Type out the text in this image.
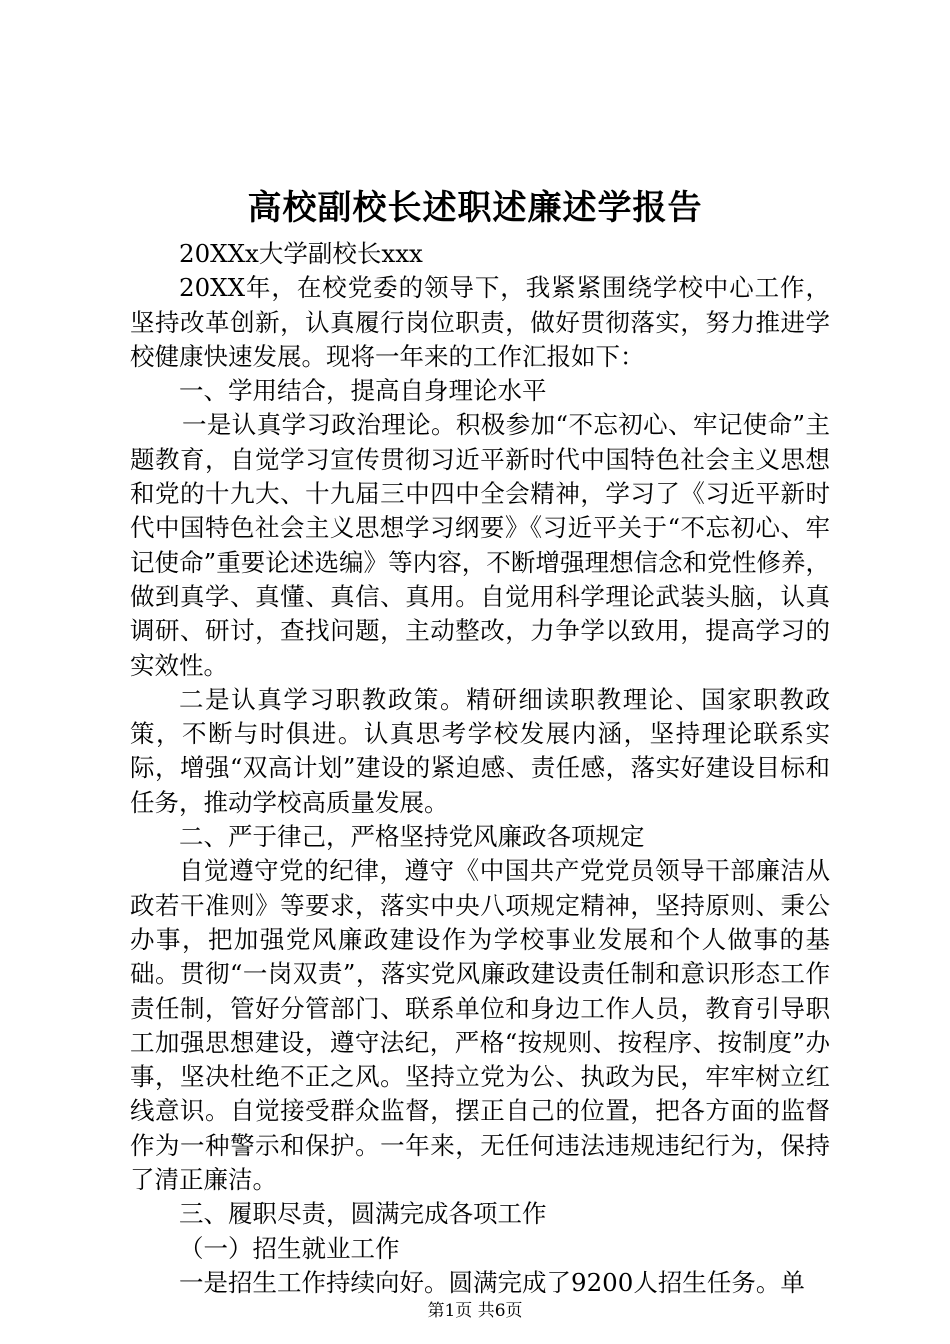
高校副校长述职述廉述学报告

20XXx大学副校长xxx

20XX年，在校党委的领导下，我紧紧围绕学校中心工作，坚持改革创新，认真履行岗位职责，做好贯彻落实，努力推进学校健康快速发展。现将一年来的工作汇报如下：

一、学用结合，提高自身理论水平

一是认真学习政治理论。积极参加“不忘初心、牢记使命”主题教育，自觉学习宣传贯彻习近平新时代中国特色社会主义思想和党的十九大、十九届三中四中全会精神，学习了《习近平新时代中国特色社会主义思想学习纲要》《习近平关于“不忘初心、牢记使命”重要论述选编》等内容，不断增强理想信念和党性修养，做到真学、真懂、真信、真用。自觉用科学理论武装头脑，认真调研、研讨，查找问题，主动整改，力争学以致用，提高学习的实效性。

二是认真学习职教政策。精研细读职教理论、国家职教政策，不断与时俱进。认真思考学校发展内涵，坚持理论联系实际，增强“双高计划”建设的紧迫感、责任感，落实好建设目标和任务，推动学校高质量发展。

二、严于律己，严格坚持党风廉政各项规定

自觉遵守党的纪律，遵守《中国共产党党员领导干部廉洁从政若干准则》等要求，落实中央八项规定精神，坚持原则、秉公办事，把加强党风廉政建设作为学校事业发展和个人做事的基础。贯彻“一岗双责”，落实党风廉政建设责任制和意识形态工作责任制，管好分管部门、联系单位和身边工作人员，教育引导职工加强思想建设，遵守法纪，严格“按规则、按程序、按制度”办事，坚决杜绝不正之风。坚持立党为公、执政为民，牢牢树立红线意识。自觉接受群众监督，摆正自己的位置，把各方面的监督作为一种警示和保护。一年来，无任何违法违规违纪行为，保持了清正廉洁。

三、履职尽责，圆满完成各项工作

（一）招生就业工作

一是招生工作持续向好。圆满完成了9200人招生任务。单

第1页 共6页
